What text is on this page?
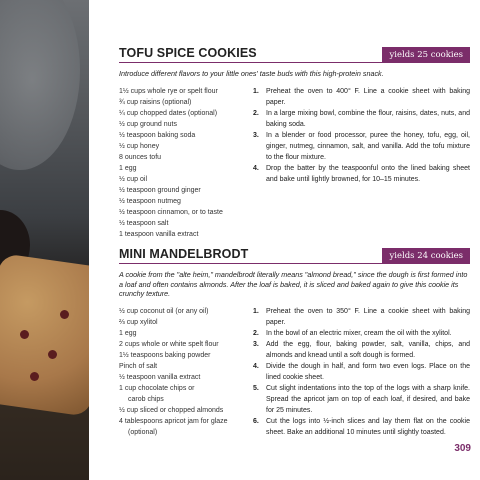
TOFU SPICE COOKIES	yields 25 cookies
Introduce different flavors to your little ones' taste buds with this high-protein snack.
1½ cups whole rye or spelt flour
¾ cup raisins (optional)
¼ cup chopped dates (optional)
½ cup ground nuts
½ teaspoon baking soda
½ cup honey
8 ounces tofu
1 egg
½ cup oil
½ teaspoon ground ginger
½ teaspoon nutmeg
½ teaspoon cinnamon, or to taste
½ teaspoon salt
1 teaspoon vanilla extract
1.	Preheat the oven to 400° F. Line a cookie sheet with baking paper.
2.	In a large mixing bowl, combine the flour, raisins, dates, nuts, and baking soda.
3.	In a blender or food processor, puree the honey, tofu, egg, oil, ginger, nutmeg, cinnamon, salt, and vanilla. Add the tofu mixture to the flour mixture.
4.	Drop the batter by the teaspoonful onto the lined baking sheet and bake until lightly browned, for 10–15 minutes.
MINI MANDELBRODT	yields 24 cookies
A cookie from the "alte heim," mandelbrodt literally means "almond bread," since the dough is first formed into a loaf and often contains almonds. After the loaf is baked, it is sliced and baked again to give this cookie its crunchy texture.
½ cup coconut oil (or any oil)
⅔ cup xylitol
1 egg
2 cups whole or white spelt flour
1½ teaspoons baking powder
Pinch of salt
½ teaspoon vanilla extract
1 cup chocolate chips or
carob chips
½ cup sliced or chopped almonds
4 tablespoons apricot jam for glaze
(optional)
1.	Preheat the oven to 350° F. Line a cookie sheet with baking paper.
2.	In the bowl of an electric mixer, cream the oil with the xylitol.
3.	Add the egg, flour, baking powder, salt, vanilla, chips, and almonds and knead until a soft dough is formed.
4.	Divide the dough in half, and form two even logs. Place on the lined cookie sheet.
5.	Cut slight indentations into the top of the logs with a sharp knife. Spread the apricot jam on top of each loaf, if desired, and bake for 25 minutes.
6.	Cut the logs into ½-inch slices and lay them flat on the cookie sheet. Bake an additional 10 minutes until slightly toasted.
309
